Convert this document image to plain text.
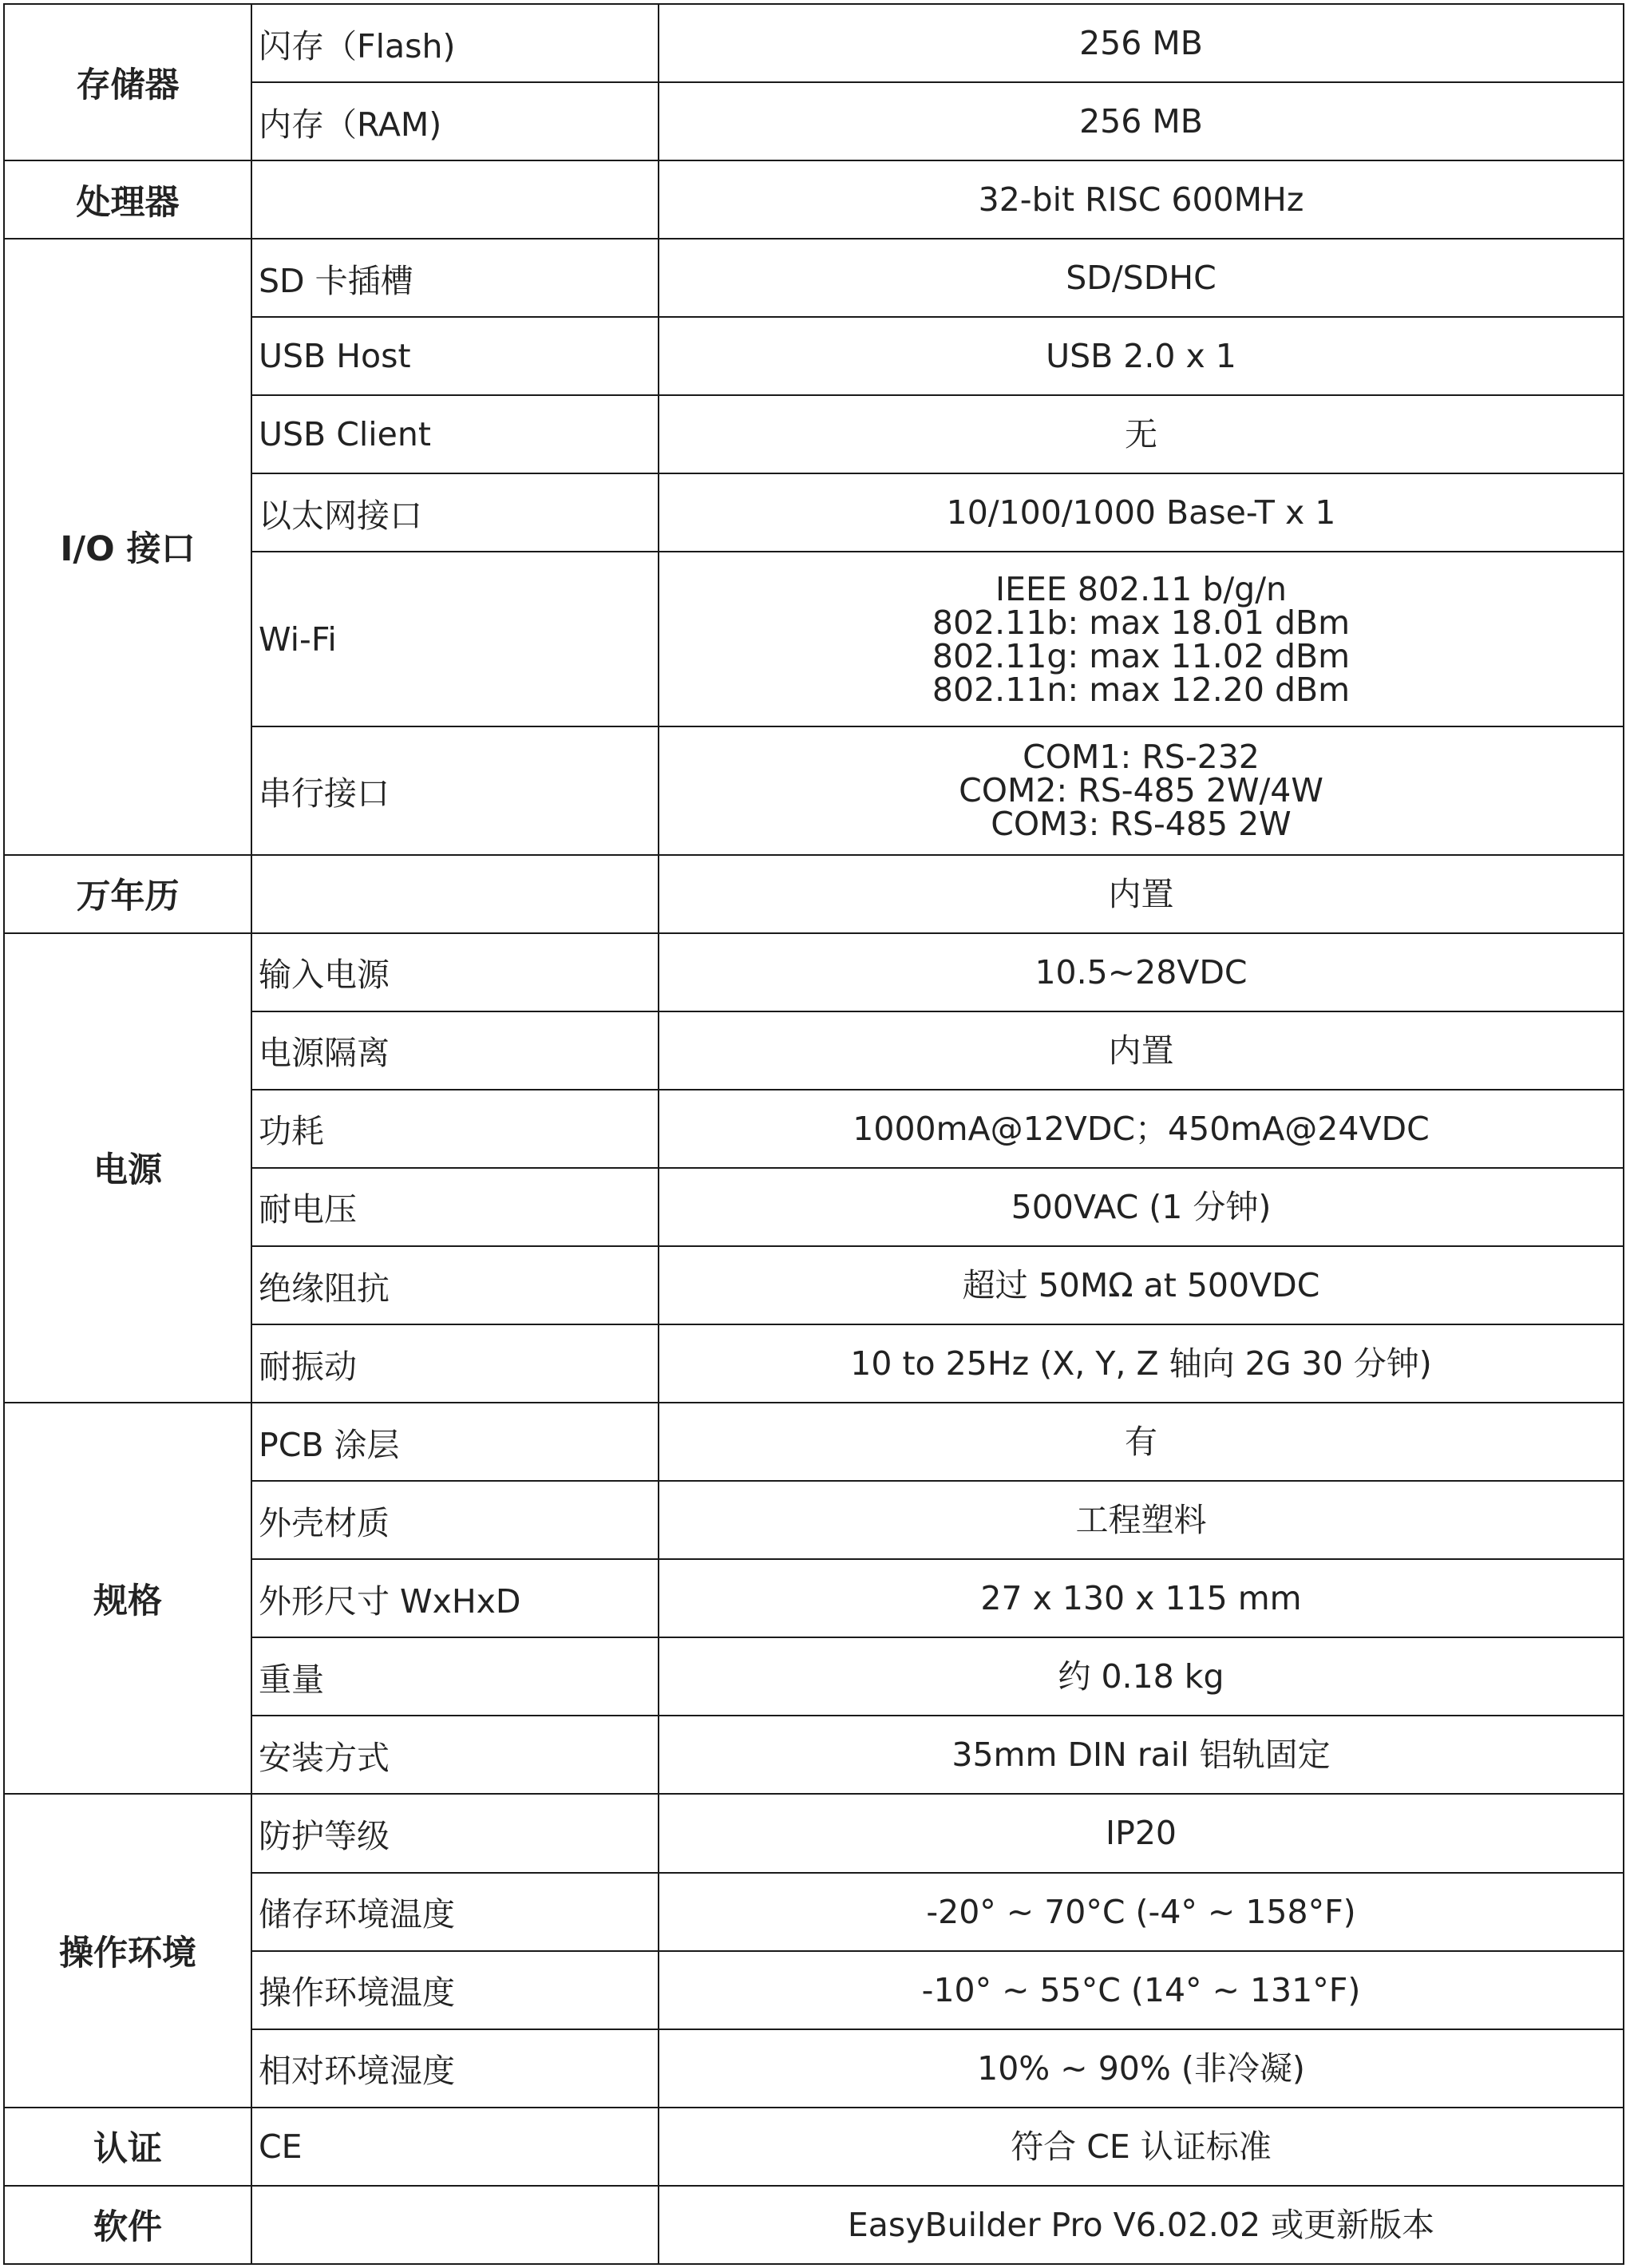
存储器	闪存（Flash)	256 MB

	内存（RAM)	256 MB

处理器		32-bit RISC 600MHz

I/O 接口	SD 卡插槽	SD/SDHC

	USB Host	USB 2.0 x 1

	USB Client	无

	以太网接口	10/100/1000 Base-T x 1

	Wi-Fi	IEEE 802.11 b/g/n
802.11b: max 18.01 dBm
802.11g: max 11.02 dBm
802.11n: max 12.20 dBm

	串行接口	COM1: RS-232
COM2: RS-485 2W/4W
COM3: RS-485 2W

万年历		内置

电源	输入电源	10.5~28VDC

	电源隔离	内置

	功耗	1000mA@12VDC；450mA@24VDC

	耐电压	500VAC (1 分钟)

	绝缘阻抗	超过 50MΩ at 500VDC

	耐振动	10 to 25Hz (X, Y, Z 轴向 2G 30 分钟)

规格	PCB 涂层	有

	外壳材质	工程塑料

	外形尺寸 WxHxD	27 x 130 x 115 mm

	重量	约 0.18 kg

	安装方式	35mm DIN rail 铝轨固定

操作环境	防护等级	IP20

	储存环境温度	-20° ~ 70°C (-4° ~ 158°F)

	操作环境温度	-10° ~ 55°C (14° ~ 131°F)

	相对环境湿度	10% ~ 90% (非冷凝)

认证	CE	符合 CE 认证标准

软件		EasyBuilder Pro V6.02.02 或更新版本
